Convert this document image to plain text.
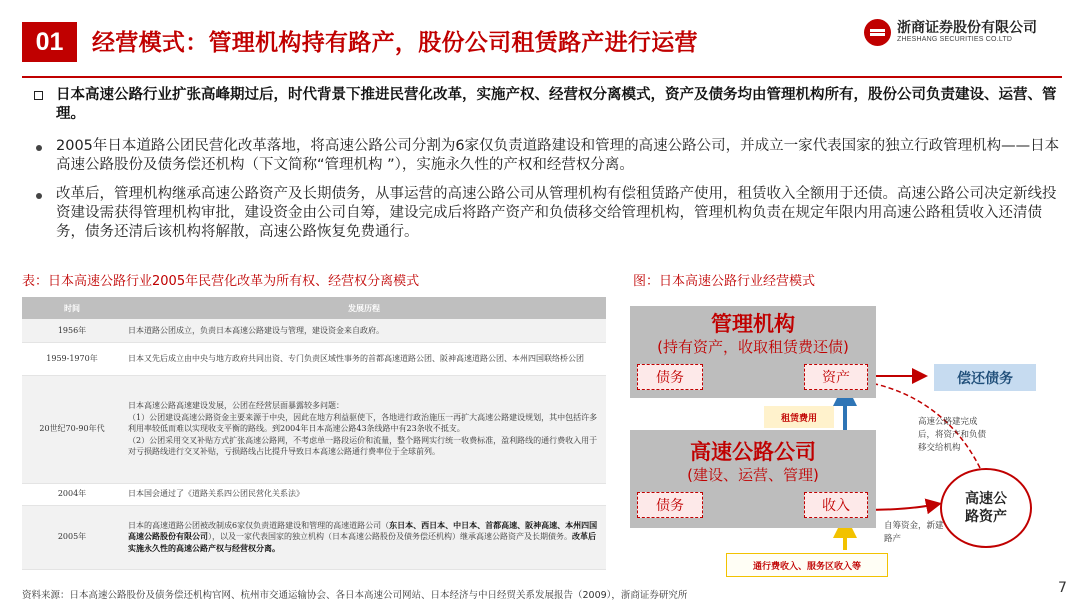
01	经营模式：管理机构持有路产，股份公司租赁路产进行运营
浙商证券股份有限公司
ZHESHANG SECURITIES CO.LTD
日本高速公路行业扩张高峰期过后，时代背景下推进民营化改革，实施产权、经营权分离模式，资产及债务均由管理机构所有，股份公司负责建设、运营、管理。
2005年日本道路公团民营化改革落地，将高速公路公司分割为6家仅负责道路建设和管理的高速公路公司，并成立一家代表国家的独立行政管理机构——日本高速公路股份及债务偿还机构（下文简称“管理机构 ”），实施永久性的产权和经营权分离。
改革后，管理机构继承高速公路资产及长期债务，从事运营的高速公路公司从管理机构有偿租赁路产使用，租赁收入全额用于还债。高速公路公司决定新线投资建设需获得管理机构审批，建设资金由公司自筹，建设完成后将路产资产和负债移交给管理机构，管理机构负责在规定年限内用高速公路租赁收入还清债务，债务还清后该机构将解散，高速公路恢复免费通行。
表：日本高速公路行业2005年民营化改革为所有权、经营权分离模式	图：日本高速公路行业经营模式
时间	发展历程
1956年	日本道路公团成立，负责日本高速公路建设与管理，建设资金来自政府。
1959-1970年	日本又先后成立由中央与地方政府共同出资、专门负责区域性事务的首都高速道路公团、阪神高速道路公团、本州四国联络桥公团
20世纪70-90年代	日本高速公路高速建设发展，公团在经营层面暴露较多问题：
（1）公团建设高速公路资金主要来源于中央，因此在地方利益驱使下，各地进行政治施压一再扩大高速公路建设规划，其中包括许多利用率较低而难以实现收支平衡的路线。到2004年日本高速公路43条线路中有23条收不抵支。
（2）公团采用交叉补贴方式扩张高速公路网，不考虑单一路段运价和流量，整个路网实行统一收费标准，盈利路线的通行费收入用于对亏损路线进行交叉补贴，亏损路线占比提升导致日本高速公路通行费率位于全球前列。
2004年	日本国会通过了《道路关系四公团民营化关系法》
2005年	日本的高速道路公团被改制成6家仅负责道路建设和管理的高速道路公司（东日本、西日本、中日本、首都高速、阪神高速、本州四国高速公路股份有限公司），以及一家代表国家的独立机构（日本高速公路股份及债务偿还机构）继承高速公路资产及长期债务。改革后实施永久性的高速公路产权与经营权分离。
管理机构
(持有资产，收取租赁费还债)
债务	资产	偿还债务
租赁费用
高速公路公司
(建设、运营、管理)
债务	收入
高速公路建完成后，将资产和负债移交给机构
自筹资金，新建路产
高速公路资产
通行费收入、服务区收入等
资料来源：日本高速公路股份及债务偿还机构官网、杭州市交通运输协会、各日本高速公司网站、日本经济与中日经贸关系发展报告（2009），浙商证券研究所	7
